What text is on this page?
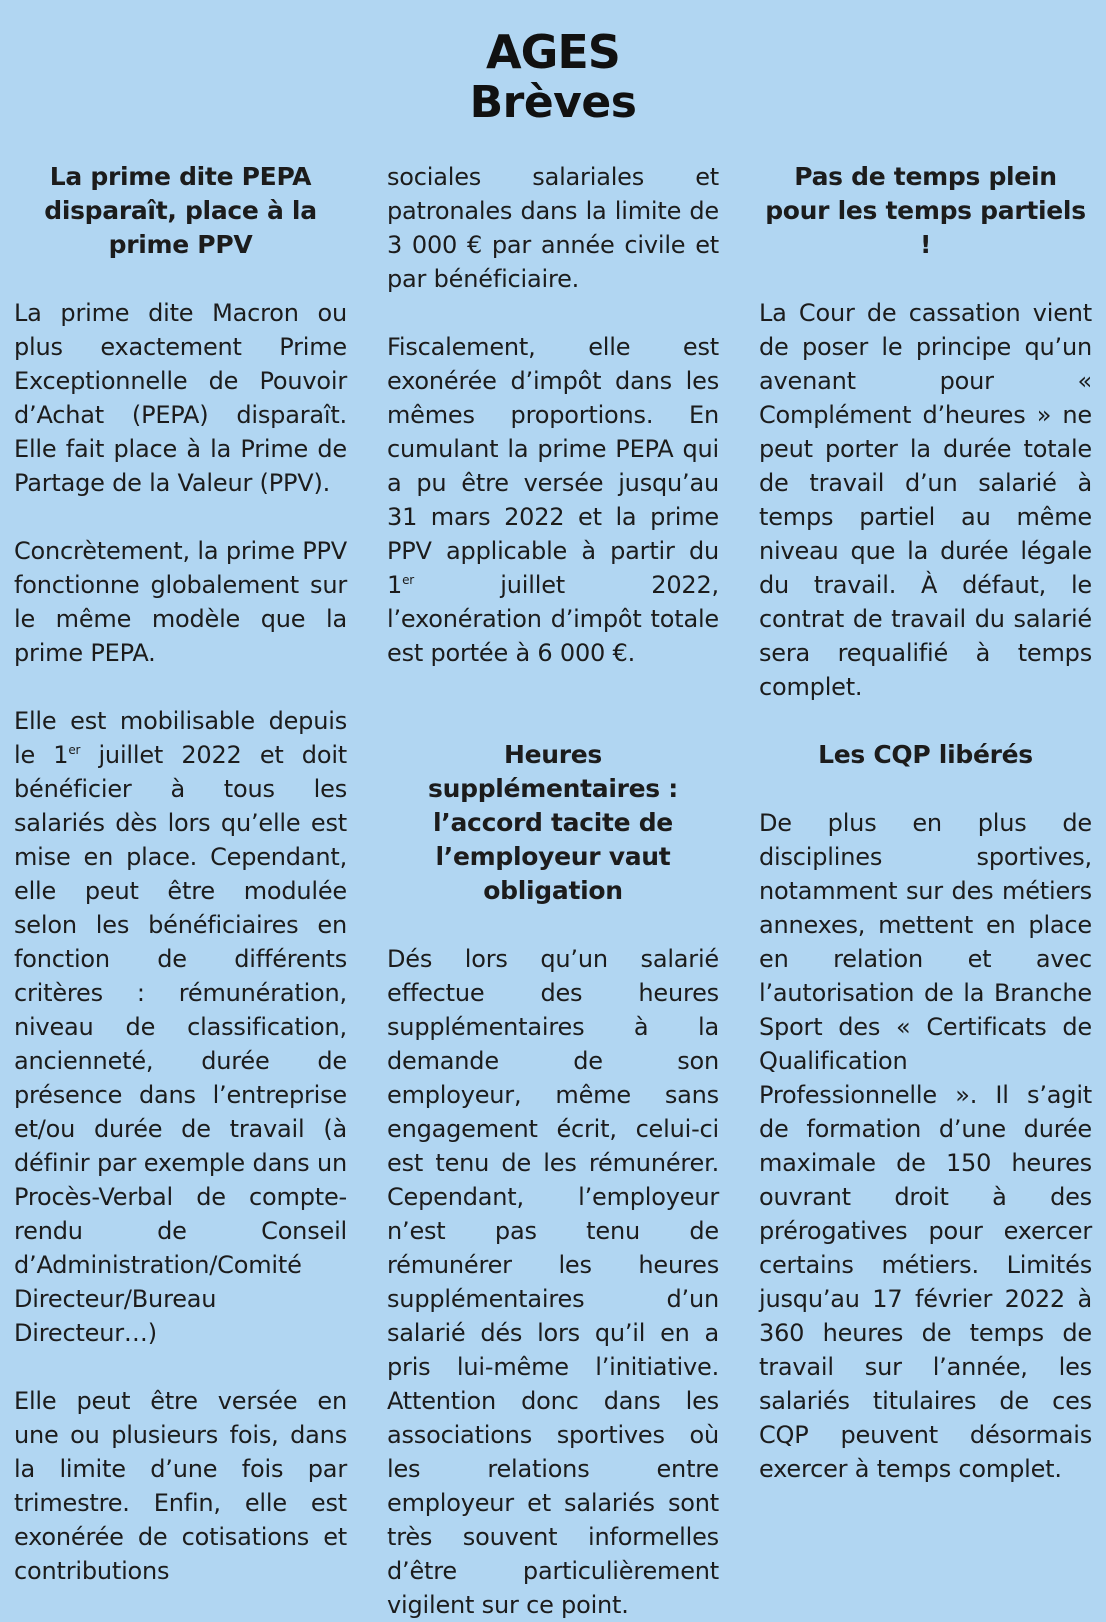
AGES
Brèves
La prime dite PEPA disparaît, place à la prime PPV

La prime dite Macron ou plus exactement Prime Exceptionnelle de Pouvoir d’Achat (PEPA) disparaît. Elle fait place à la Prime de Partage de la Valeur (PPV).

Concrètement, la prime PPV fonctionne globalement sur le même modèle que la prime PEPA.

Elle est mobilisable depuis le 1er juillet 2022 et doit bénéficier à tous les salariés dès lors qu’elle est mise en place. Cependant, elle peut être modulée selon les bénéficiaires en fonction de différents critères : rémunération, niveau de classification, ancienneté, durée de présence dans l’entreprise et/ou durée de travail (à définir par exemple dans un Procès-Verbal de compte-rendu de Conseil d’Administration/Comité Directeur/Bureau Directeur…)

Elle peut être versée en une ou plusieurs fois, dans la limite d’une fois par trimestre. Enfin, elle est exonérée de cotisations et contributions

sociales salariales et patronales dans la limite de 3 000 € par année civile et par bénéficiaire.

Fiscalement, elle est exonérée d’impôt dans les mêmes proportions. En cumulant la prime PEPA qui a pu être versée jusqu’au 31 mars 2022 et la prime PPV applicable à partir du 1er juillet 2022, l’exonération d’impôt totale est portée à 6 000 €.

Heures supplémentaires : l’accord tacite de l’employeur vaut obligation

Dés lors qu’un salarié effectue des heures supplémentaires à la demande de son employeur, même sans engagement écrit, celui-ci est tenu de les rémunérer. Cependant, l’employeur n’est pas tenu de rémunérer les heures supplémentaires d’un salarié dés lors qu’il en a pris lui-même l’initiative. Attention donc dans les associations sportives où les relations entre employeur et salariés sont très souvent informelles d’être particulièrement vigilent sur ce point.

Pas de temps plein pour les temps partiels !

La Cour de cassation vient de poser le principe qu’un avenant pour « Complément d’heures » ne peut porter la durée totale de travail d’un salarié à temps partiel au même niveau que la durée légale du travail. À défaut, le contrat de travail du salarié sera requalifié à temps complet.

Les CQP libérés

De plus en plus de disciplines sportives, notamment sur des métiers annexes, mettent en place en relation et avec l’autorisation de la Branche Sport des « Certificats de Qualification Professionnelle ». Il s’agit de formation d’une durée maximale de 150 heures ouvrant droit à des prérogatives pour exercer certains métiers. Limités jusqu’au 17 février 2022 à 360 heures de temps de travail sur l’année, les salariés titulaires de ces CQP peuvent désormais exercer à temps complet.
